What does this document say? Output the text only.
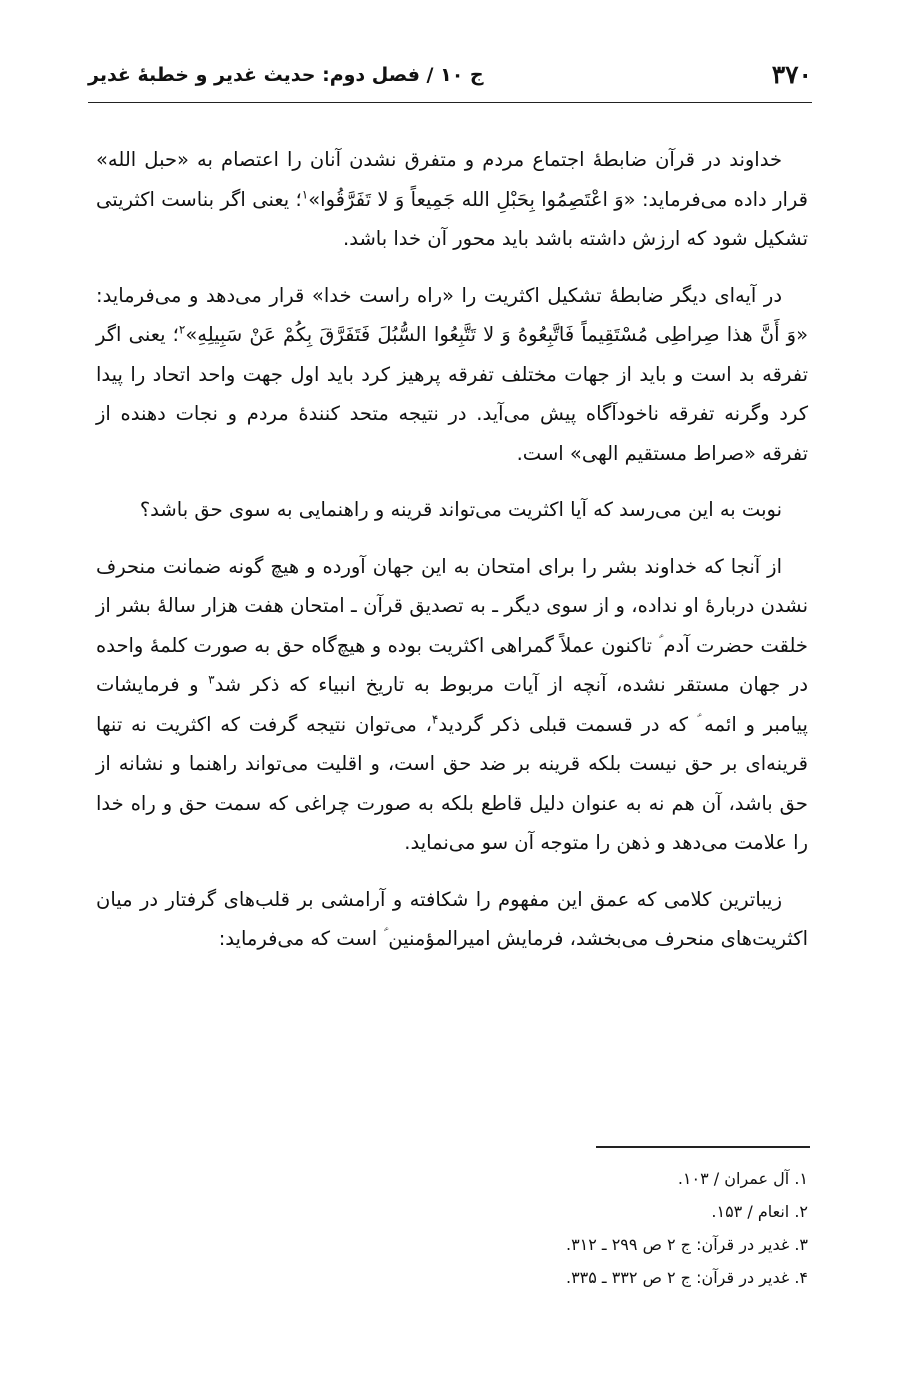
۳۷۰
ج ۱۰ / فصل دوم: حدیث غدیر و خطبهٔ غدیر

خداوند در قرآن ضابطهٔ اجتماع مردم و متفرق نشدن آنان را اعتصام به «حبل الله» قرار داده می‌فرماید: «وَ اعْتَصِمُوا بِحَبْلِ الله جَمِیعاً وَ لا تَفَرَّقُوا»$^۱$؛ یعنی اگر بناست اکثریتی تشکیل شود که ارزش داشته باشد باید محور آن خدا باشد.

در آیه‌ای دیگر ضابطهٔ تشکیل اکثریت را «راه راست خدا» قرار می‌دهد و می‌فرماید: «وَ أَنَّ هذا صِراطِی مُسْتَقِیماً فَاتَّبِعُوهُ وَ لا تَتَّبِعُوا السُّبُلَ فَتَفَرَّقَ بِکُمْ عَنْ سَبِیلِهِ»$^۲$؛ یعنی اگر تفرقه بد است و باید از جهات مختلف تفرقه پرهیز کرد باید اول جهت واحد اتحاد را پیدا کرد وگرنه تفرقه ناخودآگاه پیش می‌آید. در نتیجه متحد کنندهٔ مردم و نجات دهنده از تفرقه «صراط مستقیم الهی» است.

نوبت به این می‌رسد که آیا اکثریت می‌تواند قرینه و راهنمایی به سوی حق باشد؟

از آنجا که خداوند بشر را برای امتحان به این جهان آورده و هیچ گونه ضمانت منحرف نشدن دربارهٔ او نداده، و از سوی دیگر ـ به تصدیق قرآن ـ امتحان هفت هزار سالهٔ بشر از خلقت حضرت آدم ؑ تاکنون عملاً گمراهی اکثریت بوده و هیچ‌گاه حق به صورت کلمهٔ واحده در جهان مستقر نشده، آنچه از آیات مربوط به تاریخ انبیاء که ذکر شد$^۳$ و فرمایشات پیامبر و ائمه ؑ که در قسمت قبلی ذکر گردید$^۴$، می‌توان نتیجه گرفت که اکثریت نه تنها قرینه‌ای بر حق نیست بلکه قرینه بر ضد حق است، و اقلیت می‌تواند راهنما و نشانه از حق باشد، آن هم نه به عنوان دلیل قاطع بلکه به صورت چراغی که سمت حق و راه خدا را علامت می‌دهد و ذهن را متوجه آن سو می‌نماید.

زیباترین کلامی که عمق این مفهوم را شکافته و آرامشی بر قلب‌های گرفتار در میان اکثریت‌های منحرف می‌بخشد، فرمایش امیرالمؤمنین ؑ است که می‌فرماید:

۱. آل عمران / ۱۰۳.
۲. انعام / ۱۵۳.
۳. غدیر در قرآن: ج ۲ ص ۲۹۹ ـ ۳۱۲.
۴. غدیر در قرآن: ج ۲ ص ۳۳۲ ـ ۳۳۵.
